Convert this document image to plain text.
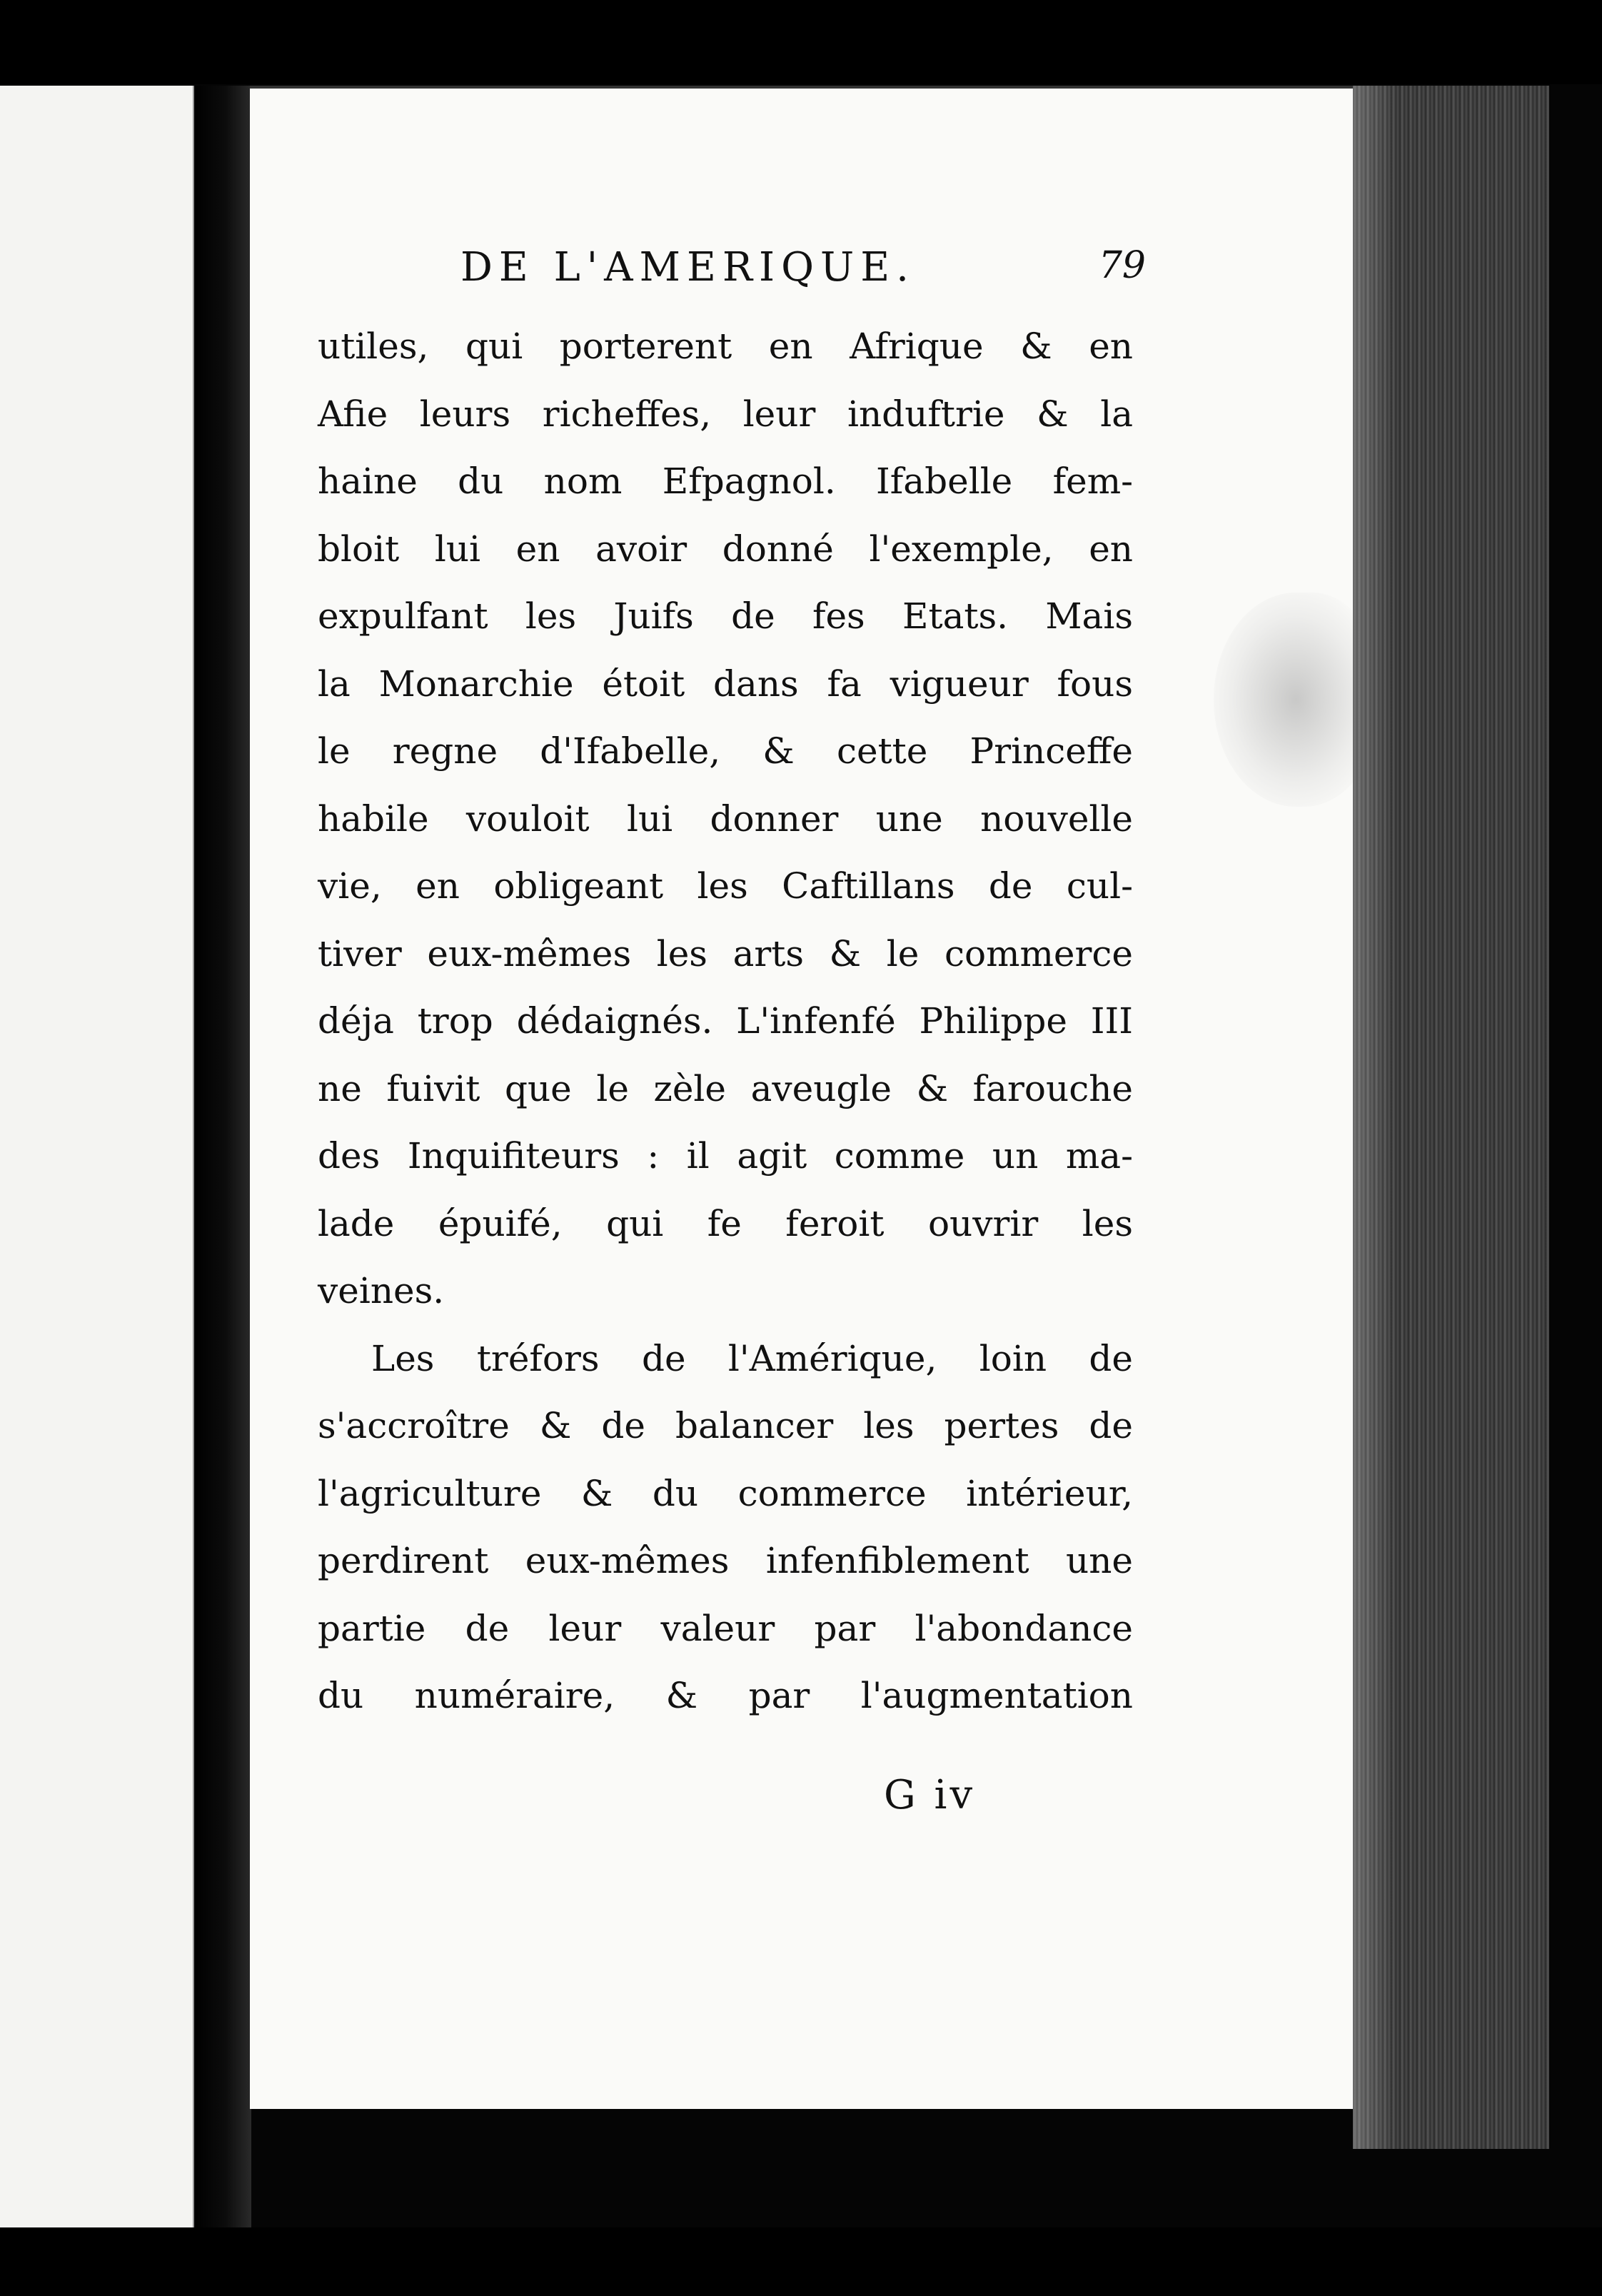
DE L'AMERIQUE.	79
utiles, qui porterent en Afrique & en
Afie leurs richeffes, leur induftrie & la
haine du nom Efpagnol. Ifabelle fem-
bloit lui en avoir donné l'exemple, en
expulfant les Juifs de fes Etats. Mais
la Monarchie étoit dans fa vigueur fous
le regne d'Ifabelle, & cette Princeffe
habile vouloit lui donner une nouvelle
vie, en obligeant les Caftillans de cul-
tiver eux-mêmes les arts & le commerce
déja trop dédaignés. L'infenfé Philippe III
ne fuivit que le zèle aveugle & farouche
des Inquifiteurs : il agit comme un ma-
lade épuifé, qui fe feroit ouvrir les
veines.
Les tréfors de l'Amérique, loin de
s'accroître & de balancer les pertes de
l'agriculture & du commerce intérieur,
perdirent eux-mêmes infenfiblement une
partie de leur valeur par l'abondance
du numéraire, & par l'augmentation
G iv
